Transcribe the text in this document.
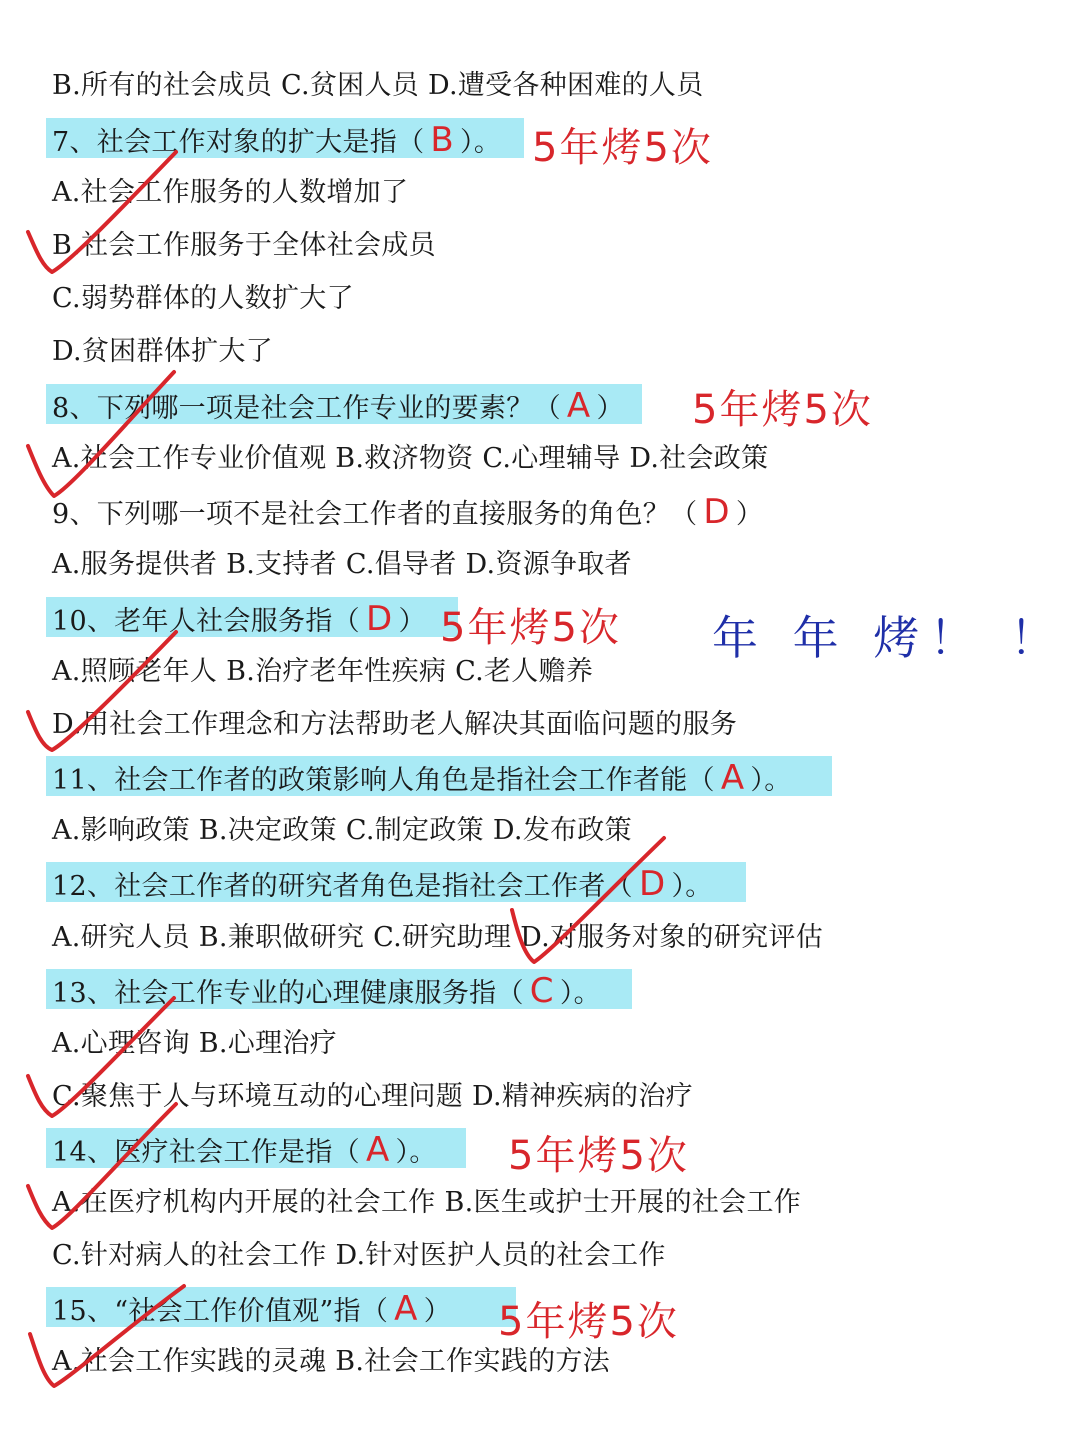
B.所有的社会成员 C.贫困人员 D.遭受各种困难的人员
7、社会工作对象的扩大是指（ B ）。 5年烤5次
A.社会工作服务的人数增加了
B.社会工作服务于全体社会成员
C.弱势群体的人数扩大了
D.贫困群体扩大了
8、下列哪一项是社会工作专业的要素？（ A ） 5年烤5次
A.社会工作专业价值观 B.救济物资 C.心理辅导 D.社会政策
9、下列哪一项不是社会工作者的直接服务的角色？（ D ）
A.服务提供者 B.支持者 C.倡导者 D.资源争取者
10、老年人社会服务指（ D ） 5年烤5次 年 年 烤！ ！
A.照顾老年人 B.治疗老年性疾病 C.老人赡养
D.用社会工作理念和方法帮助老人解决其面临问题的服务
11、社会工作者的政策影响人角色是指社会工作者能（ A ）。
A.影响政策 B.决定政策 C.制定政策 D.发布政策
12、社会工作者的研究者角色是指社会工作者（ D ）。
A.研究人员 B.兼职做研究 C.研究助理 D.对服务对象的研究评估
13、社会工作专业的心理健康服务指（ C ）。
A.心理咨询 B.心理治疗
C.聚焦于人与环境互动的心理问题 D.精神疾病的治疗
14、医疗社会工作是指（ A ）。 5年烤5次
A.在医疗机构内开展的社会工作 B.医生或护士开展的社会工作
C.针对病人的社会工作 D.针对医护人员的社会工作
15、“社会工作价值观”指（ A ） 5年烤5次
A.社会工作实践的灵魂 B.社会工作实践的方法
